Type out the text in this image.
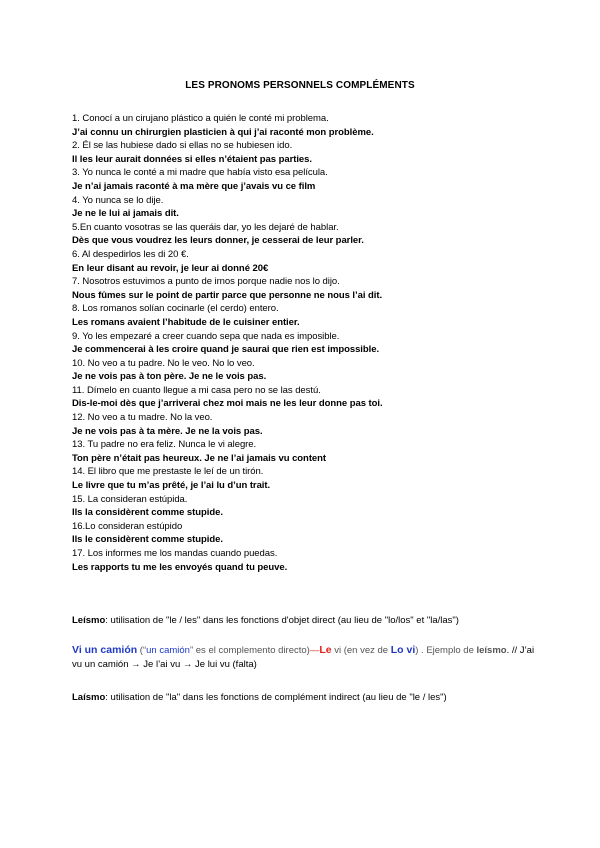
LES PRONOMS PERSONNELS COMPLÉMENTS
1. Conocí a un cirujano plástico a quién le conté mi problema.
J’ai connu un chirurgien plasticien à qui j’ai raconté mon problème.
2. Él se las hubiese dado si ellas no se hubiesen ido.
Il les leur aurait données si elles n’étaient pas parties.
3. Yo nunca le conté a mi madre que había visto esa película.
Je n’ai jamais raconté à ma mère que j’avais vu ce film
4. Yo nunca se lo dije.
Je ne le lui ai jamais dit.
5.En cuanto vosotras se las queráis dar, yo les dejaré de hablar.
Dès que vous voudrez les leurs donner, je cesserai de leur parler.
6. Al despedirlos les di 20 €.
En leur disant au revoir, je leur ai donné 20€
7. Nosotros estuvimos a punto de irnos porque nadie nos lo dijo.
Nous fûmes sur le point de partir parce que personne ne nous l’ai dit.
8. Los romanos solían cocinarle (el cerdo) entero.
Les romans avaient l’habitude de le cuisiner entier.
9. Yo les empezaré a creer cuando sepa que nada es imposible.
Je commencerai à les croire quand je saurai que rien est impossible.
10. No veo a tu padre. No le veo. No lo veo.
Je ne vois pas à ton père. Je ne le vois pas.
11. Dímelo en cuanto llegue a mi casa pero no se las destú.
Dis-le-moi dès que j’arriverai chez moi mais ne les leur donne pas toi.
12. No veo a tu madre. No la veo.
Je ne vois pas à ta mère. Je ne la vois pas.
13. Tu padre no era feliz. Nunca le vi alegre.
Ton père n’était pas heureux. Je ne l’ai jamais vu content
14. El libro que me prestaste le leí de un tirón.
Le livre que tu m’as prêté, je l’ai lu d’un trait.
15. La consideran estúpida.
Ils la considèrent comme stupide.
16.Lo consideran estúpido
Ils le considèrent comme stupide.
17. Los informes me los mandas cuando puedas.
Les rapports tu me les envoyés quand tu peuve.
Leísmo: utilisation de "le / les" dans les fonctions d'objet direct (au lieu de "lo/los" et "la/las")
Vi un camión (“un camión” es el complemento directo)—Le vi (en vez de Lo vi) . Ejemplo de leísmo. // J’ai vu un camión → Je l’ai vu → Je lui vu (falta)
Laísmo: utilisation de "la" dans les fonctions de complément indirect (au lieu de "le / les")
